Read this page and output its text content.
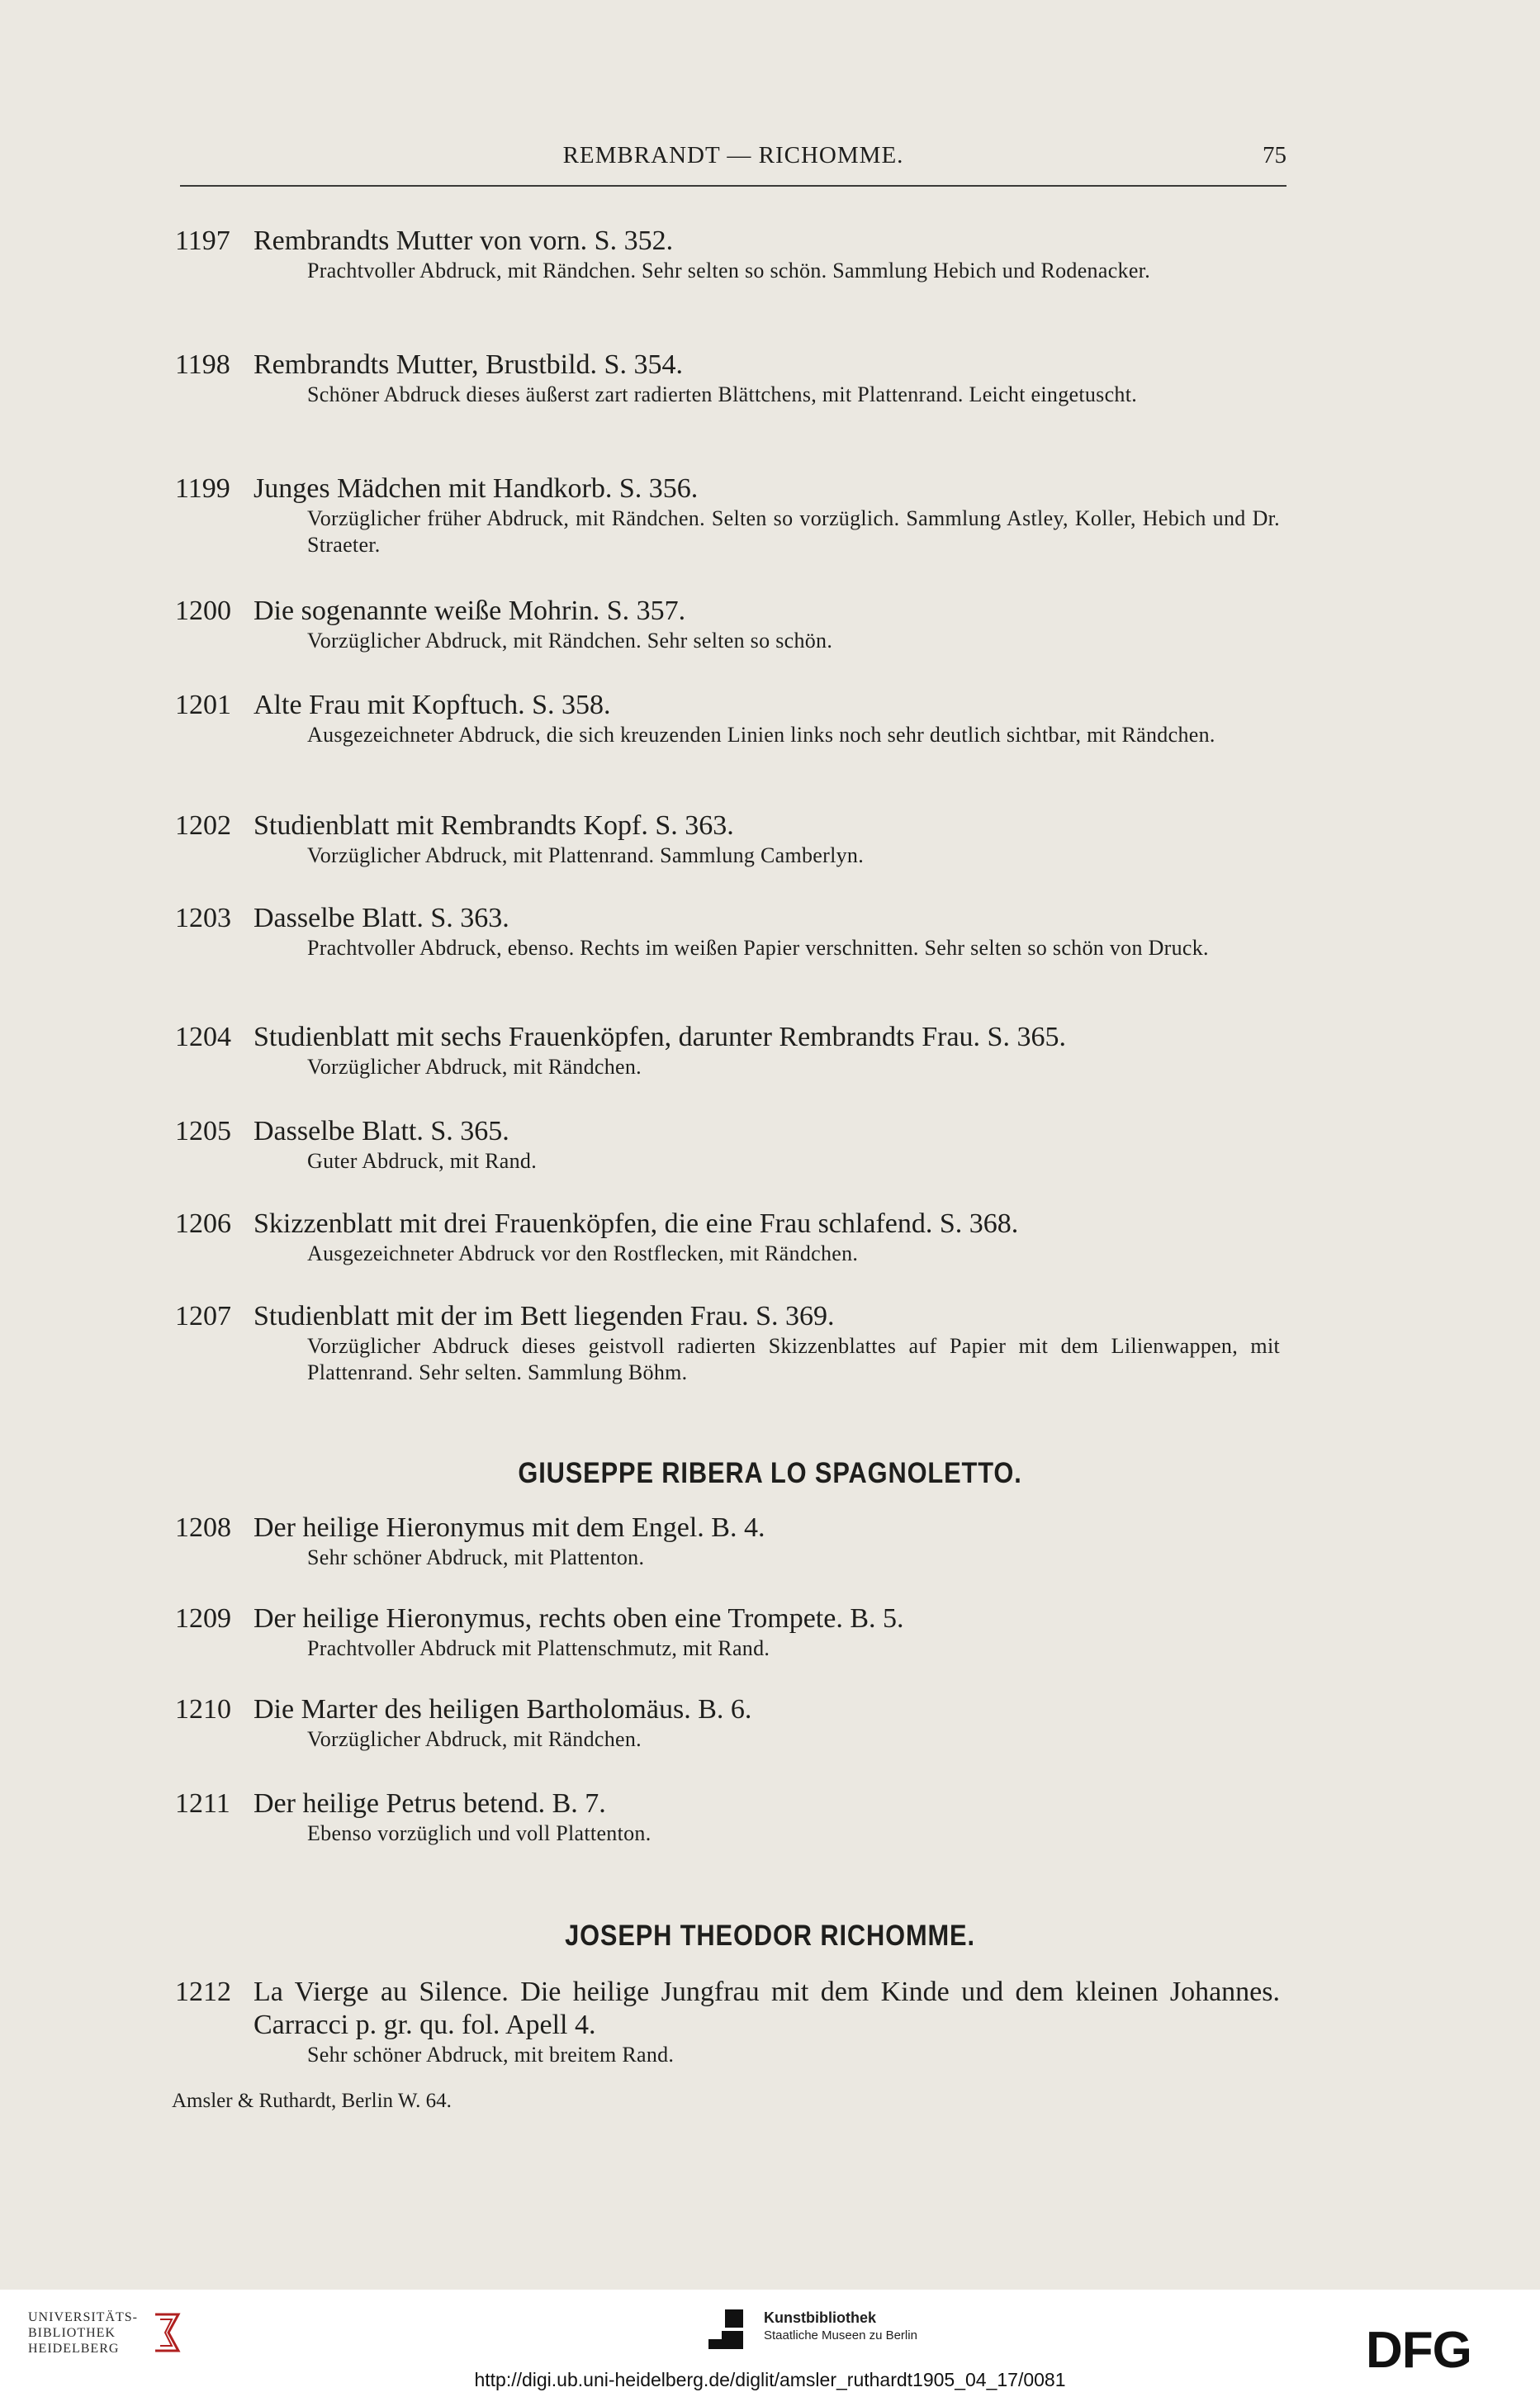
REMBRANDT — RICHOMME.	75
1197 Rembrandts Mutter von vorn. S. 352.
Prachtvoller Abdruck, mit Rändchen. Sehr selten so schön. Sammlung Hebich und Rodenacker.
1198 Rembrandts Mutter, Brustbild. S. 354.
Schöner Abdruck dieses äußerst zart radierten Blättchens, mit Plattenrand. Leicht eingetuscht.
1199 Junges Mädchen mit Handkorb. S. 356.
Vorzüglicher früher Abdruck, mit Rändchen. Selten so vorzüglich. Sammlung Astley, Koller, Hebich und Dr. Straeter.
1200 Die sogenannte weiße Mohrin. S. 357.
Vorzüglicher Abdruck, mit Rändchen. Sehr selten so schön.
1201 Alte Frau mit Kopftuch. S. 358.
Ausgezeichneter Abdruck, die sich kreuzenden Linien links noch sehr deutlich sichtbar, mit Rändchen.
1202 Studienblatt mit Rembrandts Kopf. S. 363.
Vorzüglicher Abdruck, mit Plattenrand. Sammlung Camberlyn.
1203 Dasselbe Blatt. S. 363.
Prachtvoller Abdruck, ebenso. Rechts im weißen Papier verschnitten. Sehr selten so schön von Druck.
1204 Studienblatt mit sechs Frauenköpfen, darunter Rembrandts Frau. S. 365.
Vorzüglicher Abdruck, mit Rändchen.
1205 Dasselbe Blatt. S. 365.
Guter Abdruck, mit Rand.
1206 Skizzenblatt mit drei Frauenköpfen, die eine Frau schlafend. S. 368.
Ausgezeichneter Abdruck vor den Rostflecken, mit Rändchen.
1207 Studienblatt mit der im Bett liegenden Frau. S. 369.
Vorzüglicher Abdruck dieses geistvoll radierten Skizzenblattes auf Papier mit dem Lilienwappen, mit Plattenrand. Sehr selten. Sammlung Böhm.
GIUSEPPE RIBERA LO SPAGNOLETTO.
1208 Der heilige Hieronymus mit dem Engel. B. 4.
Sehr schöner Abdruck, mit Plattenton.
1209 Der heilige Hieronymus, rechts oben eine Trompete. B. 5.
Prachtvoller Abdruck mit Plattenschmutz, mit Rand.
1210 Die Marter des heiligen Bartholomäus. B. 6.
Vorzüglicher Abdruck, mit Rändchen.
1211 Der heilige Petrus betend. B. 7.
Ebenso vorzüglich und voll Plattenton.
JOSEPH THEODOR RICHOMME.
1212 La Vierge au Silence. Die heilige Jungfrau mit dem Kinde und dem kleinen Johannes. Carracci p. gr. qu. fol. Apell 4.
Sehr schöner Abdruck, mit breitem Rand.
Amsler & Ruthardt, Berlin W. 64.
UNIVERSITÄTS-
BIBLIOTHEK
HEIDELBERG
Kunstbibliothek
Staatliche Museen zu Berlin	DFG
http://digi.ub.uni-heidelberg.de/diglit/amsler_ruthardt1905_04_17/0081
